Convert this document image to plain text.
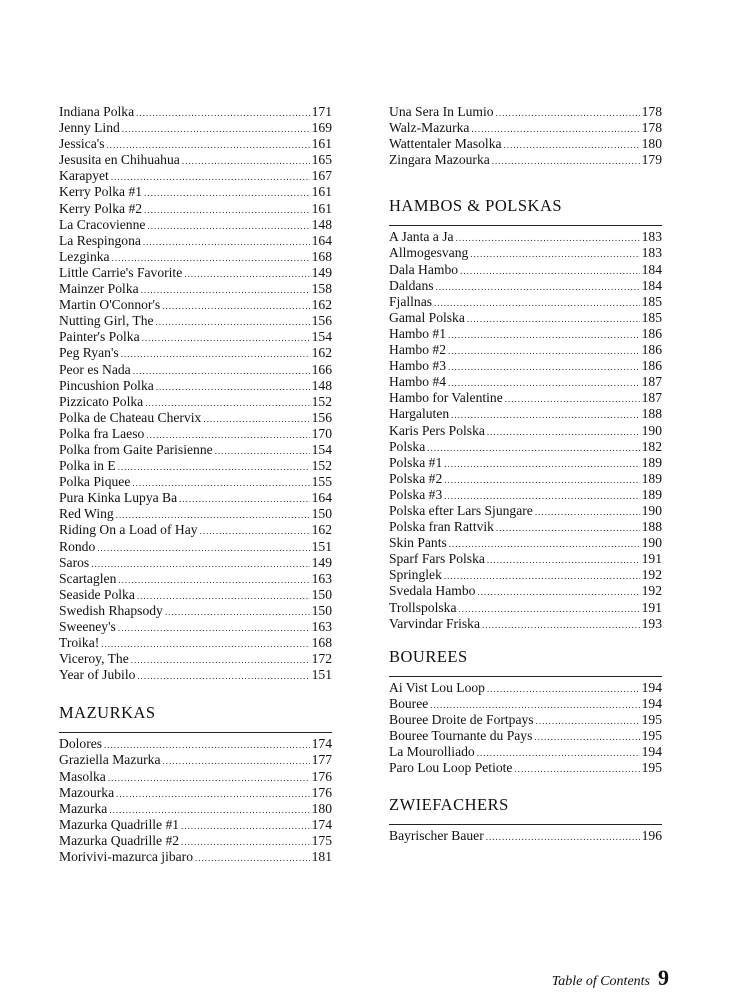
Indiana Polka .....	171
Jenny Lind .....	169
Jessica's .....	161
Jesusita en Chihuahua .....	165
Karapyet .....	167
Kerry Polka #1 .....	161
Kerry Polka #2 .....	161
La Cracovienne .....	148
La Respingona .....	164
Lezginka .....	168
Little Carrie's Favorite .....	149
Mainzer Polka .....	158
Martin O'Connor's .....	162
Nutting Girl, The .....	156
Painter's Polka .....	154
Peg Ryan's .....	162
Peor es Nada .....	166
Pincushion Polka .....	148
Pizzicato Polka .....	152
Polka de Chateau Chervix .....	156
Polka fra Laeso .....	170
Polka from Gaite Parisienne .....	154
Polka in E .....	152
Polka Piquee .....	155
Pura Kinka Lupya Ba .....	164
Red Wing .....	150
Riding On a Load of Hay .....	162
Rondo .....	151
Saros .....	149
Scartaglen .....	163
Seaside Polka .....	150
Swedish Rhapsody .....	150
Sweeney's .....	163
Troika! .....	168
Viceroy, The .....	172
Year of Jubilo .....	151
MAZURKAS
Dolores .....	174
Graziella Mazurka .....	177
Masolka .....	176
Mazourka .....	176
Mazurka .....	180
Mazurka Quadrille #1 .....	174
Mazurka Quadrille #2 .....	175
Morivivi-mazurca jibaro .....	181
Una Sera In Lumio .....	178
Walz-Mazurka .....	178
Wattentaler Masolka .....	180
Zingara Mazourka .....	179
HAMBOS & POLSKAS
A Janta a Ja .....	183
Allmogesvang .....	183
Dala Hambo .....	184
Daldans .....	184
Fjallnas .....	185
Gamal Polska .....	185
Hambo #1 .....	186
Hambo #2 .....	186
Hambo #3 .....	186
Hambo #4 .....	187
Hambo for Valentine .....	187
Hargaluten .....	188
Karis Pers Polska .....	190
Polska .....	182
Polska #1 .....	189
Polska #2 .....	189
Polska #3 .....	189
Polska efter Lars Sjungare .....	190
Polska fran Rattvik .....	188
Skin Pants .....	190
Sparf Fars Polska .....	191
Springlek .....	192
Svedala Hambo .....	192
Trollspolska .....	191
Varvindar Friska .....	193
BOUREES
Ai Vist Lou Loop .....	194
Bouree .....	194
Bouree Droite de Fortpays .....	195
Bouree Tournante du Pays .....	195
La Mourolliado .....	194
Paro Lou Loop Petiote .....	195
ZWIEFACHERS
Bayrischer Bauer .....	196
Table of Contents 9
